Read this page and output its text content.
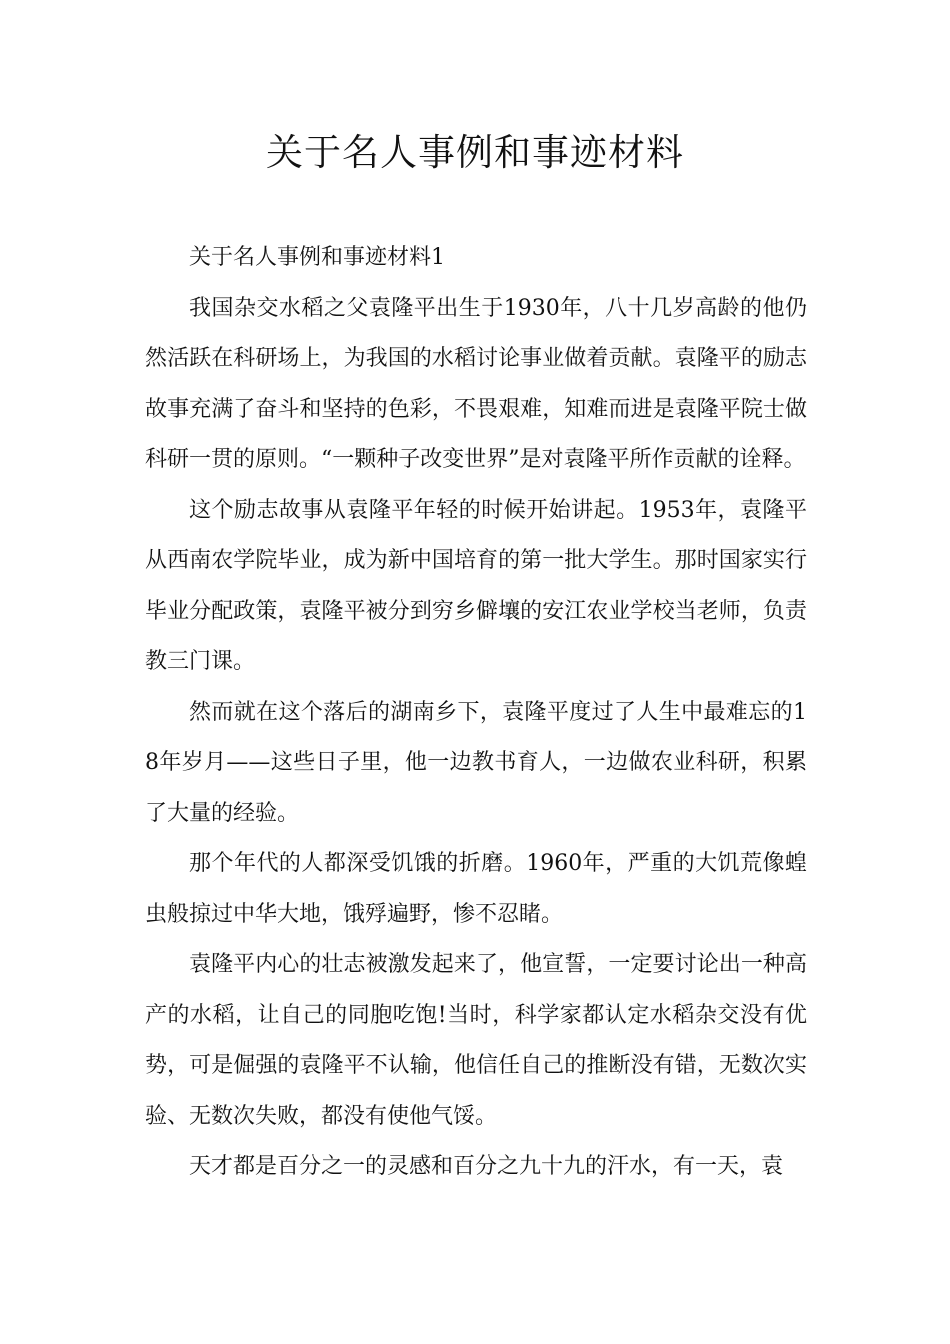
关于名人事例和事迹材料

关于名人事例和事迹材料1

我国杂交水稻之父袁隆平出生于1930年，八十几岁高龄的他仍然活跃在科研场上，为我国的水稻讨论事业做着贡献。袁隆平的励志故事充满了奋斗和坚持的色彩，不畏艰难，知难而进是袁隆平院士做科研一贯的原则。“一颗种子改变世界”是对袁隆平所作贡献的诠释。

这个励志故事从袁隆平年轻的时候开始讲起。1953年，袁隆平从西南农学院毕业，成为新中国培育的第一批大学生。那时国家实行毕业分配政策，袁隆平被分到穷乡僻壤的安江农业学校当老师，负责教三门课。

然而就在这个落后的湖南乡下，袁隆平度过了人生中最难忘的18年岁月——这些日子里，他一边教书育人，一边做农业科研，积累了大量的经验。

那个年代的人都深受饥饿的折磨。1960年，严重的大饥荒像蝗虫般掠过中华大地，饿殍遍野，惨不忍睹。

袁隆平内心的壮志被激发起来了，他宣誓，一定要讨论出一种高产的水稻，让自己的同胞吃饱!当时，科学家都认定水稻杂交没有优势，可是倔强的袁隆平不认输，他信任自己的推断没有错，无数次实验、无数次失败，都没有使他气馁。

天才都是百分之一的灵感和百分之九十九的汗水，有一天，袁
